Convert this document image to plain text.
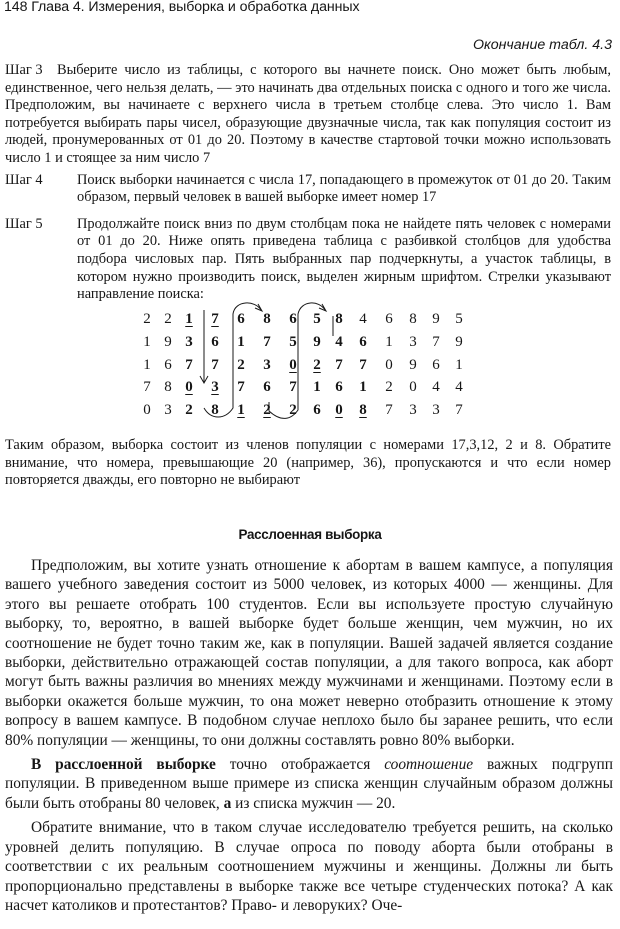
148 Глава 4. Измерения, выборка и обработка данных
Окончание табл. 4.3
Шаг 3 Выберите число из таблицы, с которого вы начнете поиск. Оно может быть любым, единственное, чего нельзя делать, — это начинать два отдельных поиска с одного и того же числа. Предположим, вы начинаете с верхнего числа в третьем столбце слева. Это число 1. Вам потребуется выбирать пары чисел, образующие двузначные числа, так как популяция состоит из людей, пронумерованных от 01 до 20. Поэтому в качестве стартовой точки можно использовать число 1 и стоящее за ним число 7
Шаг 4	Поиск выборки начинается с числа 17, попадающего в промежуток от 01 до 20. Таким образом, первый человек в вашей выборке имеет номер 17
Шаг 5	Продолжайте поиск вниз по двум столбцам пока не найдете пять человек с номерами от 01 до 20. Ниже опять приведена таблица с разбивкой столбцов для удобства подбора числовых пар. Пять выбранных пар подчеркнуты, а участок таблицы, в котором нужно производить поиск, выделен жирным шрифтом. Стрелки указывают направление поиска:
2 2 1 7 6 8 6 5 8 4 6 8 9 5
1 9 3 6 1 7 5 9 4 6 1 3 7 9
1 6 7 7 2 3 0 2 7 7 0 9 6 1
7 8 0 3 7 6 7 1 6 1 2 0 4 4
0 3 2 8 1 2 2 6 0 8 7 3 3 7
Таким образом, выборка состоит из членов популяции с номерами 17,3,12, 2 и 8. Обратите внимание, что номера, превышающие 20 (например, 36), пропускаются и что если номер повторяется дважды, его повторно не выбирают
Расслоенная выборка

Предположим, вы хотите узнать отношение к абортам в вашем кампусе, а популяция вашего учебного заведения состоит из 5000 человек, из которых 4000 — женщины. Для этого вы решаете отобрать 100 студентов. Если вы используете простую случайную выборку, то, вероятно, в вашей выборке будет больше женщин, чем мужчин, но их соотношение не будет точно таким же, как в популяции. Вашей задачей является создание выборки, действительно отражающей состав популяции, а для такого вопроса, как аборт могут быть важны различия во мнениях между мужчинами и женщинами. Поэтому если в выборки окажется больше мужчин, то она может неверно отобразить отношение к этому вопросу в вашем кампусе. В подобном случае неплохо было бы заранее решить, что если 80% популяции — женщины, то они должны составлять ровно 80% выборки.

В расслоенной выборке точно отображается соотношение важных подгрупп популяции. В приведенном выше примере из списка женщин случайным образом должны были быть отобраны 80 человек, а из списка мужчин — 20.

Обратите внимание, что в таком случае исследователю требуется решить, на сколько уровней делить популяцию. В случае опроса по поводу аборта были отобраны в соответствии с их реальным соотношением мужчины и женщины. Должны ли быть пропорционально представлены в выборке также все четыре студенческих потока? А как насчет католиков и протестантов? Право- и леворуких? Оче-
